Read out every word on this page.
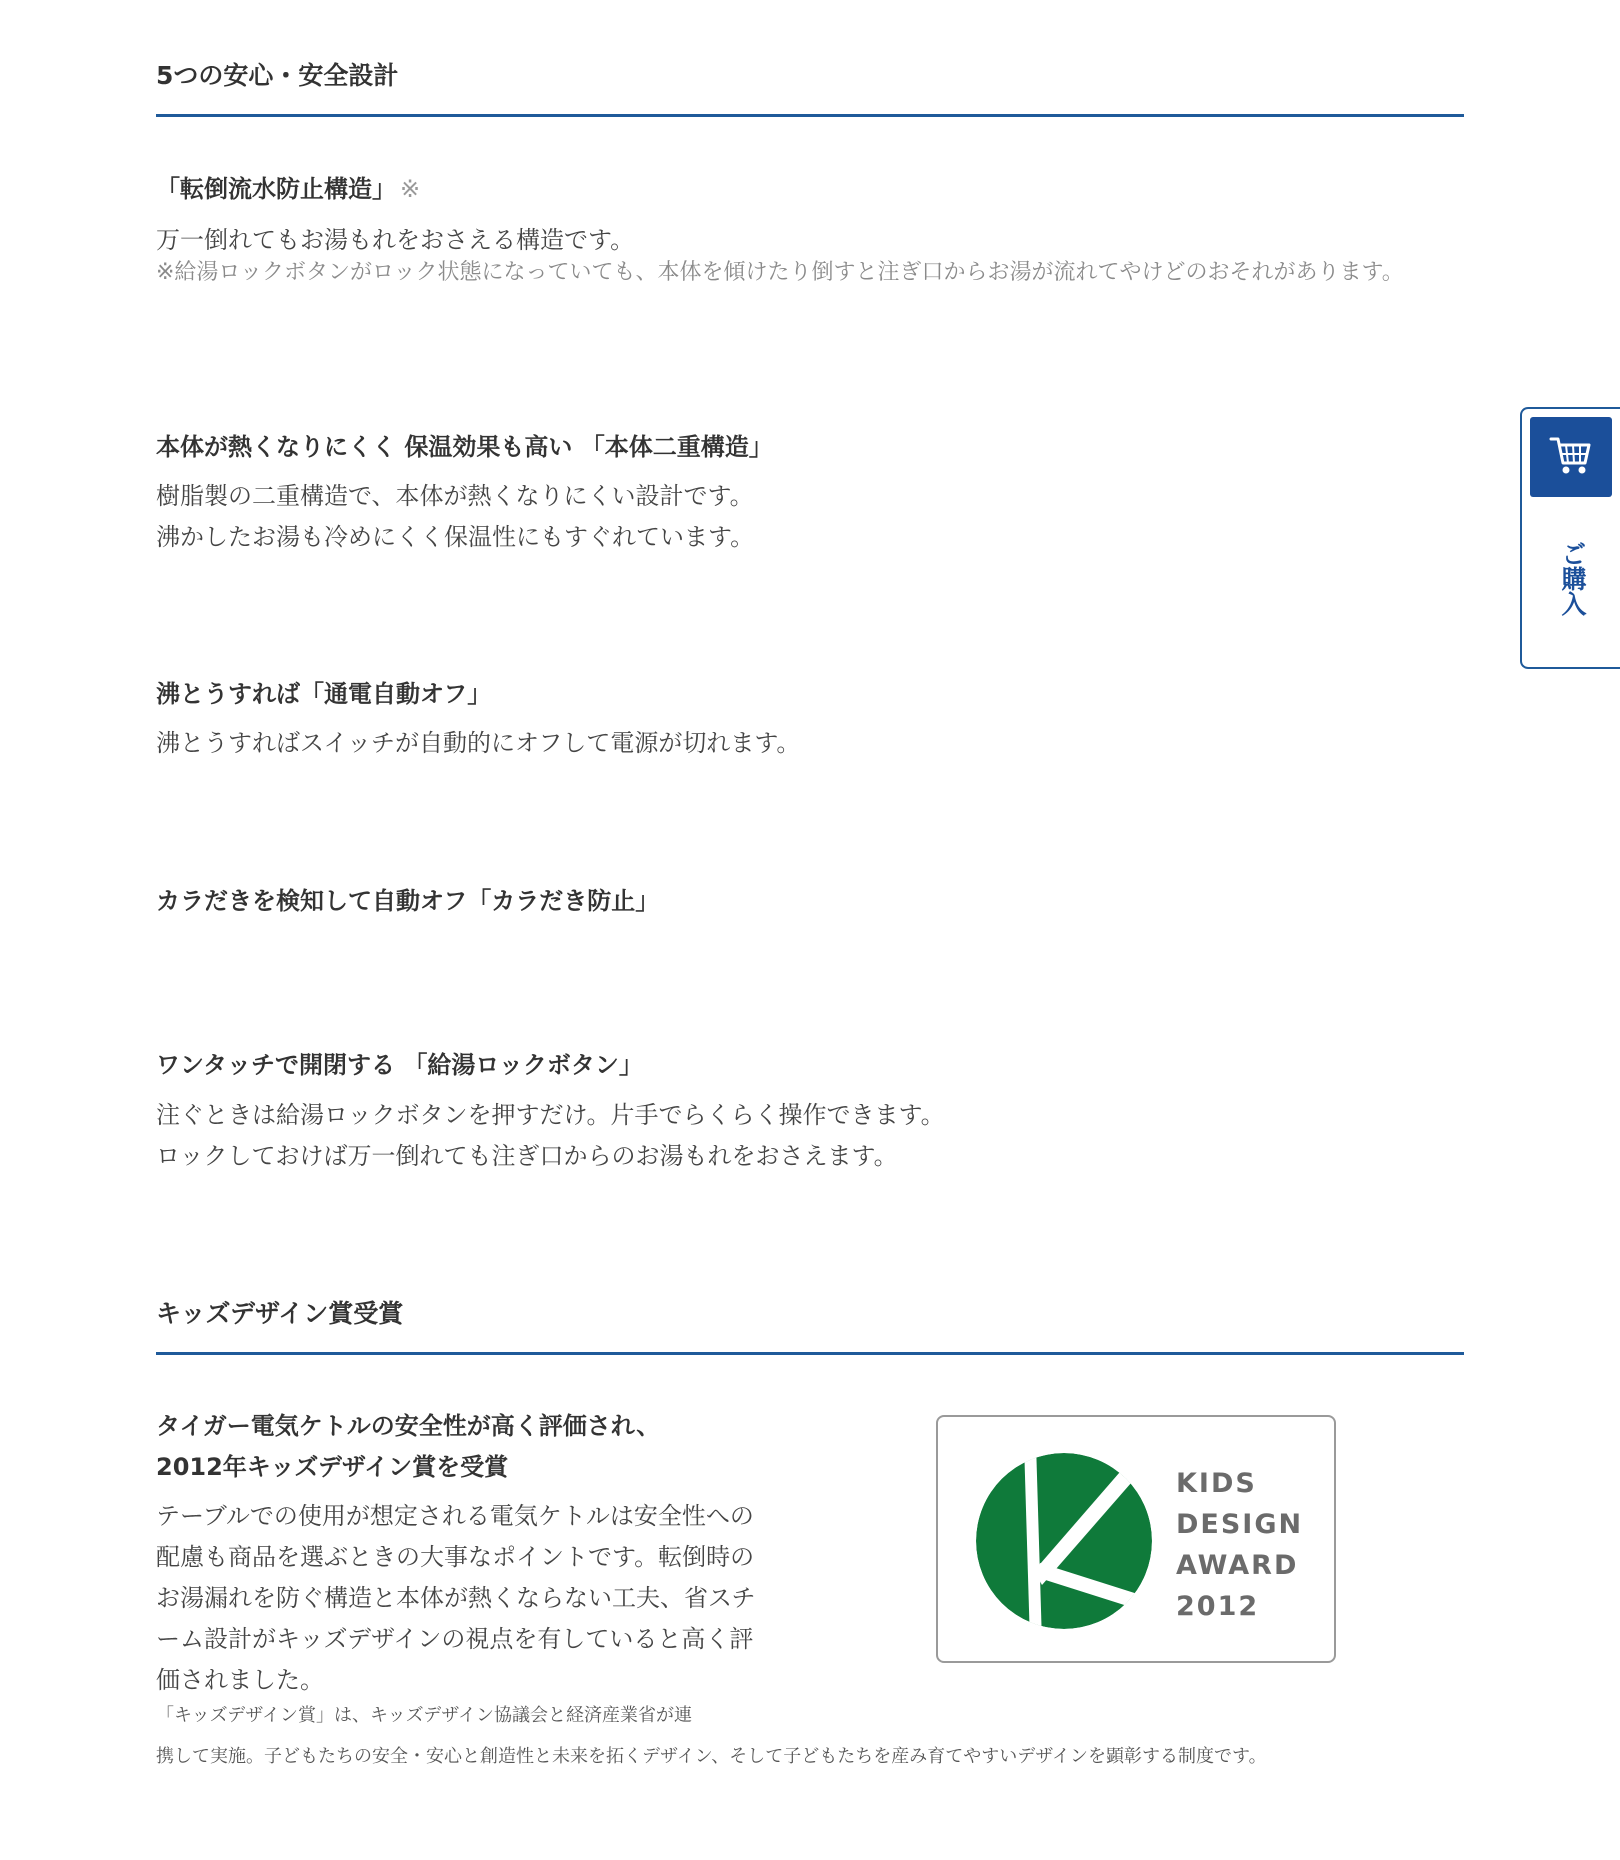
5つの安心・安全設計
「転倒流水防止構造」 ※
万一倒れてもお湯もれをおさえる構造です。
※給湯ロックボタンがロック状態になっていても、本体を傾けたり倒すと注ぎ口からお湯が流れてやけどのおそれがあります。
本体が熱くなりにくく 保温効果も高い 「本体二重構造」
樹脂製の二重構造で、本体が熱くなりにくい設計です。
沸かしたお湯も冷めにくく保温性にもすぐれています。
沸とうすれば「通電自動オフ」
沸とうすればスイッチが自動的にオフして電源が切れます。
カラだきを検知して自動オフ「カラだき防止」
ワンタッチで開閉する 「給湯ロックボタン」
注ぐときは給湯ロックボタンを押すだけ。片手でらくらく操作できます。
ロックしておけば万一倒れても注ぎ口からのお湯もれをおさえます。
キッズデザイン賞受賞
タイガー電気ケトルの安全性が高く評価され、
2012年キッズデザイン賞を受賞
テーブルでの使用が想定される電気ケトルは安全性への配慮も商品を選ぶときの大事なポイントです。転倒時のお湯漏れを防ぐ構造と本体が熱くならない工夫、省スチーム設計がキッズデザインの視点を有していると高く評価されました。
「キッズデザイン賞」は、キッズデザイン協議会と経済産業省が連
携して実施。子どもたちの安全・安心と創造性と未来を拓くデザイン、そして子どもたちを産み育てやすいデザインを顕彰する制度です。
KIDS
DESIGN
AWARD
2012
ご購入
